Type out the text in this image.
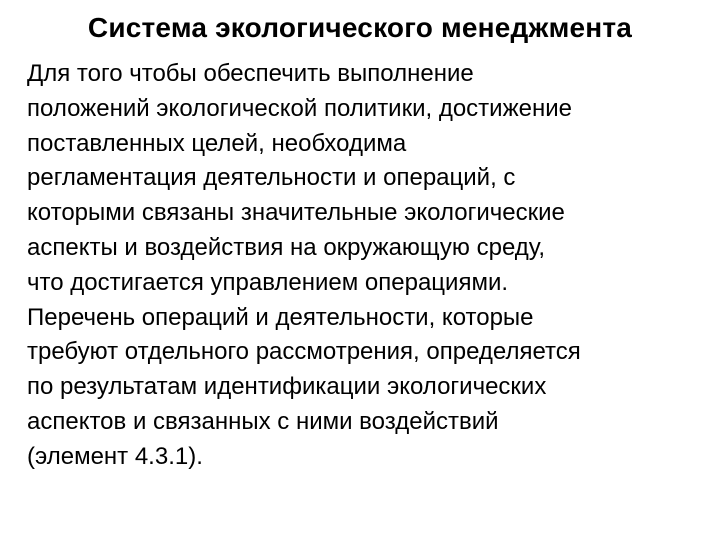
Система экологического менеджмента

Для того чтобы обеспечить выполнение
положений экологической политики, достижение
поставленных целей, необходима
регламентация деятельности и операций, с
которыми связаны значительные экологические
аспекты и воздействия на окружающую среду,
что достигается управлением операциями.
Перечень операций и деятельности, которые

требуют отдельного рассмотрения, определяется
по результатам идентификации экологических
аспектов и связанных с ними воздействий
(элемент 4.3.1).
